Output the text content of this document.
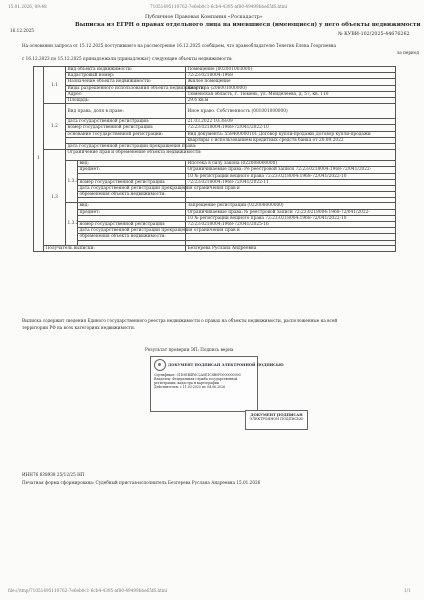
15.01.2026, 09:48	71051495110762-7e6eb0c1-6cb4-4395-af80-49499bbe65f6.html
Публичное Правовая Компания «Роскадастр»
Выписка из ЕГРН о правах отдельного лица на имевшиеся (имеющиеся) у него объекты недвижимости
16.12.2025
№ КУВИ-102/2025-44676262
На основании запроса от 15.12.2025 поступившего на рассмотрение 16.12.2025 сообщаем, что правообладателю Тенетик Елена Георгиевна
за период
с 16.12.2023 по 15.12.2025 принадлежали (принадлежат) следующие объекты недвижимости:
1	1.1	Вид объекта недвижимости:		Помещение (002001003000)
		Кадастровый номер:		72:23:0218004:1968
		Назначение объекта недвижимости:		Жилое помещение
		Виды разрешенного использования объекта недвижимости:		Квартира (206001000000)
		Адрес:		Тюменская область, г. Тюмень, ул. Менделеева, д. 57, кв. 110
		Площадь:		29.6 кв.м
	1.2	Вид права, доля в праве:		Иное право. Собственность (001001000000)
		дата государственной регистрации:		21.03.2022 10:38:09
		номер государственной регистрации:		72:23:0218004:1968-72/041/2022-10
		основание государственной регистрации:		Вид документа: 558400000101 Договор купли-продажи Договор купли-продажи
				квартиры с использованием кредитных средств банка от 20.09.2022
		дата государственной регистрации прекращения права:		
	1.3	Ограничение прав и обременение объекта недвижимости:		
		1.3.1	вид:	Ипотека в силу закона (022008000000)
			предмет:	Ограничиваемые права: Ре реестровой записи 72:23:0218004:1968-72/041/2022-
				10 № регистрации вещного права 72:23:0218004:1968-72/041/2022-10
			номер государственной регистрации:	72:23:0218004:1968-72/041/2022-11
			дата государственной регистрации прекращения ограничения прав и	
			обременения объекта недвижимости:	

		1.3.2	вид:	Запрещение регистрации (022008000000)
			предмет:	Ограничиваемые права: № реестровой записи 72:23:0218004:1968-72/041/2022-
				10 № регистрации вещного права 72:23:0218004:1968-72/041/2022-10
			номер государственной регистрации:	72:23:0218004:1968-72/041/2025-16
			дата государственной регистрации прекращения ограничения прав и	
			обременения объекта недвижимости:	

	Получатель выписки:			Безгерева Руслана Андреевна
Выписка содержит сведения Единого государственного реестра недвижимости о правах на объекты недвижимости, расположенные на всей
территории РФ на всех категориях недвижимости.
Результат проверки ЭП: Подпись верна
ДОКУМЕНТ ПОДПИСАН ЭЛЕКТРОННОЙ ПОДПИСЬЮ
Сертификат: 01D9EB4F6C2A0E1C8B0F0000000000
Владелец: Федеральная служба государственной
регистрации, кадастра и картографии
Действителен: с 11.03.2025 по 04.06.2026
ДОКУМЕНТ ПОДПИСАН
ЭЛЕКТРОННОЙ ПОДПИСЬЮ
ИНН76 638938 25/12/25 НП
Печатная форма сформирована: Судебный пристав-исполнитель Безгерева Руслана Андреевна 15.01.2026
file:///tmp/71051495110762-7e6eb0c1-6cb4-4395-af80-49499bbe65f6.html	1/1
